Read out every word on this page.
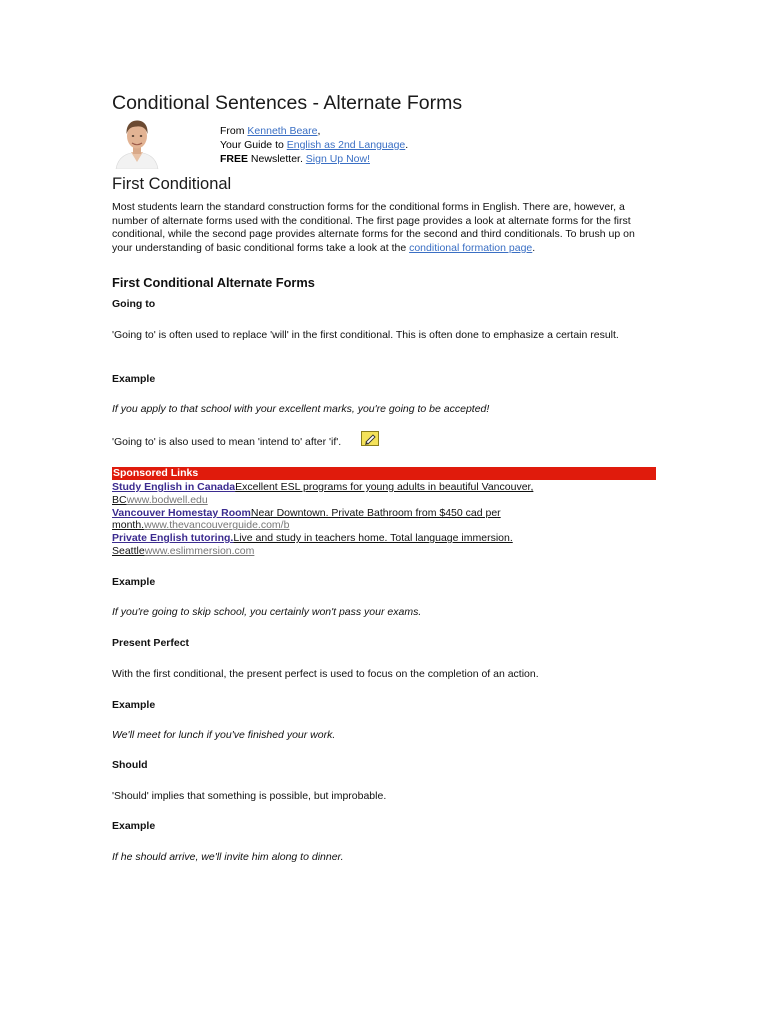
Conditional Sentences - Alternate Forms
From Kenneth Beare,
Your Guide to English as 2nd Language.
FREE Newsletter. Sign Up Now!
First Conditional
Most students learn the standard construction forms for the conditional forms in English. There are, however, a number of alternate forms used with the conditional. The first page provides a look at alternate forms for the first conditional, while the second page provides alternate forms for the second and third conditionals. To brush up on your understanding of basic conditional forms take a look at the conditional formation page.
First Conditional Alternate Forms
Going to
'Going to' is often used to replace 'will' in the first conditional. This is often done to emphasize a certain result.
Example
If you apply to that school with your excellent marks, you're going to be accepted!
'Going to' is also used to mean 'intend to' after 'if'.
Sponsored Links
Study English in CanadaExcellent ESL programs for young adults in beautiful Vancouver, BCwww.bodwell.edu
Vancouver Homestay RoomNear Downtown. Private Bathroom from $450 cad per month.www.thevancouverguide.com/b
Private English tutoring.Live and study in teachers home. Total language immersion. Seattlewww.eslimmersion.com
Example
If you're going to skip school, you certainly won't pass your exams.
Present Perfect
With the first conditional, the present perfect is used to focus on the completion of an action.
Example
We'll meet for lunch if you've finished your work.
Should
'Should' implies that something is possible, but improbable.
Example
If he should arrive, we'll invite him along to dinner.
